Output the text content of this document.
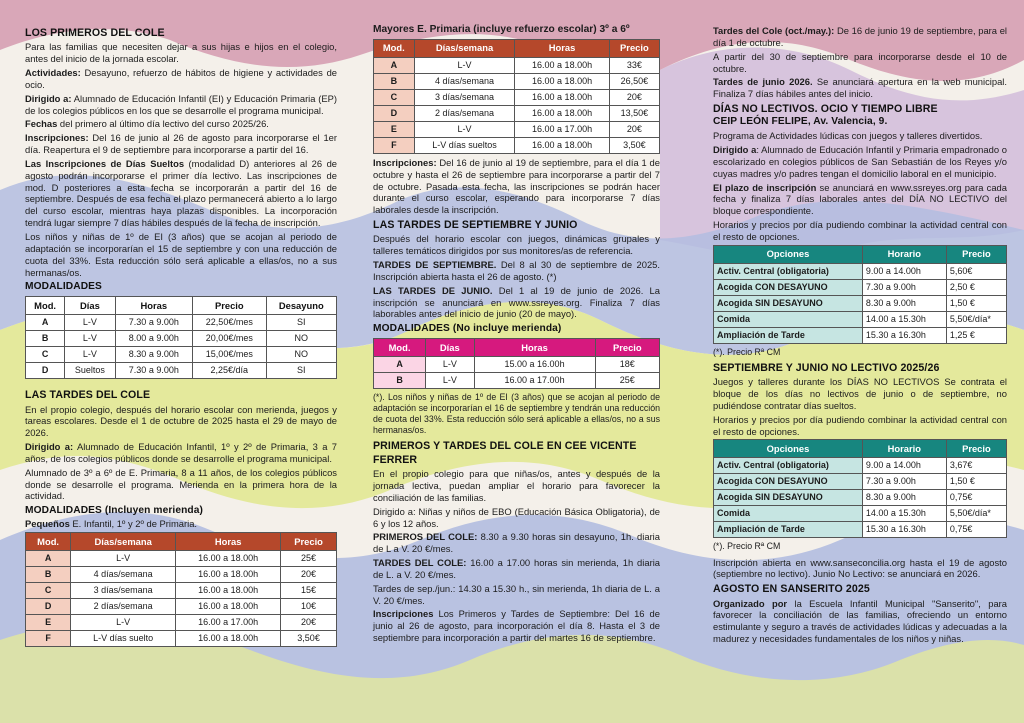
LOS PRIMEROS DEL COLE

Para las familias que necesiten dejar a sus hijas e hijos en el colegio, antes del inicio de la jornada escolar.

Actividades: Desayuno, refuerzo de hábitos de higiene y actividades de ocio.

Dirigido a: Alumnado de Educación Infantil (EI) y Educación Primaria (EP) de los colegios públicos en los que se desarrolle el programa municipal.

Fechas del primero al último día lectivo del curso 2025/26.

Inscripciones: Del 16 de junio al 26 de agosto para incorporarse el 1er día. Reapertura el 9 de septiembre para incorporarse a partir del 16.

Las Inscripciones de Días Sueltos (modalidad D) anteriores al 26 de agosto podrán incorporarse el primer día lectivo. Las inscripciones de mod. D posteriores a esta fecha se incorporarán a partir del 16 de septiembre. Después de esa fecha el plazo permanecerá abierto a lo largo del curso escolar, mientras haya plazas disponibles. La incorporación tendrá lugar siempre 7 días hábiles después de la fecha de inscripción.

Los niños y niñas de 1º de EI (3 años) que se acojan al periodo de adaptación se incorporarían el 15 de septiembre y con una reducción de cuota del 33%. Esta reducción sólo será aplicable a ellas/os, no a sus hermanas/os.

MODALIDADES
Mod.	Días	Horas	Precio	Desayuno
A	L-V	7.30 a 9.00h	22,50€/mes	SI
B	L-V	8.00 a 9.00h	20,00€/mes	NO
C	L-V	8.30 a 9.00h	15,00€/mes	NO
D	Sueltos	7.30 a 9.00h	2,25€/día	SI
LAS TARDES DEL COLE

En el propio colegio, después del horario escolar con merienda, juegos y tareas escolares. Desde el 1 de octubre de 2025 hasta el 29 de mayo de 2026.

Dirigido a: Alumnado de Educación Infantil, 1º y 2º de Primaria, 3 a 7 años, de los colegios públicos donde se desarrolle el programa municipal.

Alumnado de 3º a 6º de E. Primaria, 8 a 11 años, de los colegios públicos donde se desarrolle el programa. Merienda en la primera hora de la actividad.

MODALIDADES (Incluyen merienda)
Pequeños E. Infantil, 1º y 2º de Primaria.
Mod.	Días/semana	Horas	Precio
A	L-V	16.00 a 18.00h	25€
B	4 días/semana	16.00 a 18.00h	20€
C	3 días/semana	16.00 a 18.00h	15€
D	2 días/semana	16.00 a 18.00h	10€
E	L-V	16.00 a 17.00h	20€
F	L-V días suelto	16.00 a 18.00h	3,50€
Mayores E. Primaria (incluye refuerzo escolar) 3º a 6º
Mod.	Días/semana	Horas	Precio
A	L-V	16.00 a 18.00h	33€
B	4 días/semana	16.00 a 18.00h	26,50€
C	3 días/semana	16.00 a 18.00h	20€
D	2 días/semana	16.00 a 18.00h	13,50€
E	L-V	16.00 a 17.00h	20€
F	L-V días sueltos	16.00 a 18.00h	3,50€

Inscripciones: Del 16 de junio al 19 de septiembre, para el día 1 de octubre y hasta el 26 de septiembre para incorporarse a partir del 7 de octubre. Pasada esta fecha, las inscripciones se podrán hacer durante el curso escolar, esperando para incorporarse 7 días laborales desde la inscripción.

LAS TARDES DE SEPTIEMBRE Y JUNIO

Después del horario escolar con juegos, dinámicas grupales y talleres temáticos dirigidos por sus monitores/as de referencia.

TARDES DE SEPTIEMBRE. Del 8 al 30 de septiembre de 2025. Inscripción abierta hasta el 26 de agosto. (*)

LAS TARDES DE JUNIO. Del 1 al 19 de junio de 2026. La inscripción se anunciará en www.ssreyes.org. Finaliza 7 días laborables antes del inicio de junio (20 de mayo).

MODALIDADES (No incluye merienda)
Mod.	Días	Horas	Precio
A	L-V	15.00 a 16.00h	18€
B	L-V	16.00 a 17.00h	25€

(*). Los niños y niñas de 1º de EI (3 años) que se acojan al periodo de adaptación se incorporarían el 16 de septiembre y tendrán una reducción de cuota del 33%. Esta reducción sólo será aplicable a ellas/os, no a sus hermanas/os.

PRIMEROS Y TARDES DEL COLE EN CEE VICENTE FERRER

En el propio colegio para que niñas/os, antes y después de la jornada lectiva, puedan ampliar el horario para favorecer la conciliación de las familias.

Dirigido a: Niñas y niños de EBO (Educación Básica Obligatoria), de 6 y los 12 años.

PRIMEROS DEL COLE: 8.30 a 9.30 horas sin desayuno, 1h. diaria de L a V. 20 €/mes.

TARDES DEL COLE: 16.00 a 17.00 horas sin merienda, 1h diaria de L. a V. 20 €/mes.

Tardes de sep./jun.: 14.30 a 15.30 h., sin merienda, 1h diaria de L. a V. 20 €/mes.

Inscripciones Los Primeros y Tardes de Septiembre: Del 16 de junio al 26 de agosto, para incorporación el día 8. Hasta el 3 de septiembre para incorporación a partir del martes 16 de septiembre.

Tardes del Cole (oct./may.): De 16 de junio 19 de septiembre, para el día 1 de octubre.

A partir del 30 de septiembre para incorporarse desde el 10 de octubre.

Tardes de junio 2026. Se anunciará apertura en la web municipal. Finaliza 7 días hábiles antes del inicio.

DÍAS NO LECTIVOS. OCIO Y TIEMPO LIBRE
CEIP LEÓN FELIPE, Av. Valencia, 9.

Programa de Actividades lúdicas con juegos y talleres divertidos.

Dirigido a: Alumnado de Educación Infantil y Primaria empadronado o escolarizado en colegios públicos de San Sebastián de los Reyes y/o cuyas madres y/o padres tengan el domicilio laboral en el municipio.

El plazo de inscripción se anunciará en www.ssreyes.org para cada fecha y finaliza 7 días laborales antes del DÍA NO LECTIVO del bloque correspondiente.

Horarios y precios por día pudiendo combinar la actividad central con el resto de opciones.

Opciones	Horario	Precio
Activ. Central (obligatoria)	9.00 a 14.00h	5,60€
Acogida CON DESAYUNO	7.30 a 9.00h	2,50 €
Acogida SIN DESAYUNO	8.30 a 9.00h	1,50 €
Comida	14.00 a 15.30h	5,50€/día*
Ampliación de Tarde	15.30 a 16.30h	1,25 €

(*). Precio Rª CM

SEPTIEMBRE Y JUNIO NO LECTIVO 2025/26

Juegos y talleres durante los DÍAS NO LECTIVOS Se contrata el bloque de los días no lectivos de junio o de septiembre, no pudiéndose contratar días sueltos.

Horarios y precios por día pudiendo combinar la actividad central con el resto de opciones.

Opciones	Horario	Precio
Activ. Central (obligatoria)	9.00 a 14.00h	3,67€
Acogida CON DESAYUNO	7.30 a 9.00h	1,50 €
Acogida SIN DESAYUNO	8.30 a 9.00h	0,75€
Comida	14.00 a 15.30h	5,50€/día*
Ampliación de Tarde	15.30 a 16.30h	0,75€

(*). Precio Rª CM

Inscripción abierta en www.sanseconcilia.org hasta el 19 de agosto (septiembre no lectivo). Junio No Lectivo: se anunciará en 2026.

AGOSTO EN SANSERITO 2025

Organizado por la Escuela Infantil Municipal "Sanserito", para favorecer la conciliación de las familias, ofreciendo un entorno estimulante y seguro a través de actividades lúdicas y adecuadas a la madurez y necesidades fundamentales de los niños y niñas.
